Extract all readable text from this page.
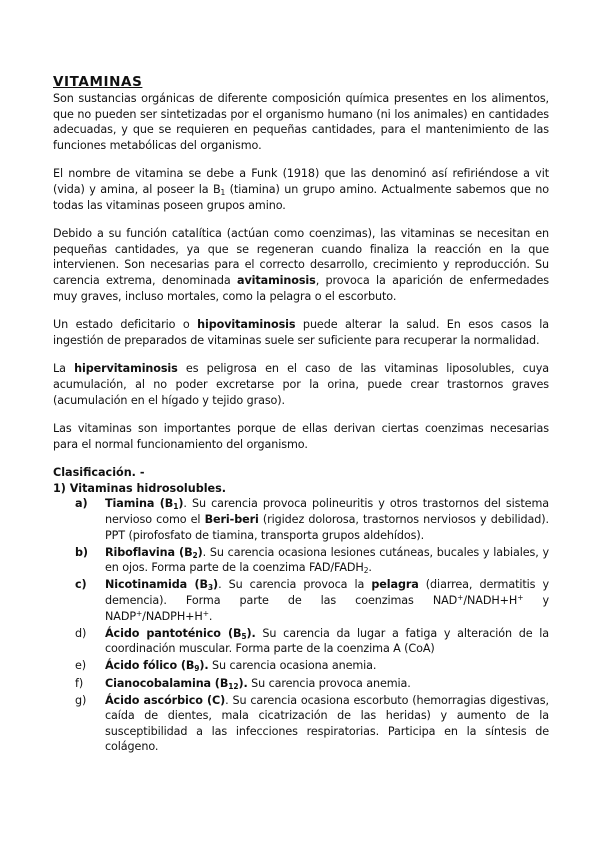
VITAMINAS

Son sustancias orgánicas de diferente composición química presentes en los alimentos, que no pueden ser sintetizadas por el organismo humano (ni los animales) en cantidades adecuadas, y que se requieren en pequeñas cantidades, para el mantenimiento de las funciones metabólicas del organismo.

El nombre de vitamina se debe a Funk (1918) que las denominó así refiriéndose a vit (vida) y amina, al poseer la $B_1$ (tiamina) un grupo amino. Actualmente sabemos que no todas las vitaminas poseen grupos amino.

Debido a su función catalítica (actúan como coenzimas), las vitaminas se necesitan en pequeñas cantidades, ya que se regeneran cuando finaliza la reacción en la que intervienen. Son necesarias para el correcto desarrollo, crecimiento y reproducción. Su carencia extrema, denominada avitaminosis, provoca la aparición de enfermedades muy graves, incluso mortales, como la pelagra o el escorbuto.

Un estado deficitario o hipovitaminosis puede alterar la salud. En esos casos la ingestión de preparados de vitaminas suele ser suficiente para recuperar la normalidad.

La hipervitaminosis es peligrosa en el caso de las vitaminas liposolubles, cuya acumulación, al no poder excretarse por la orina, puede crear trastornos graves (acumulación en el hígado y tejido graso).

Las vitaminas son importantes porque de ellas derivan ciertas coenzimas necesarias para el normal funcionamiento del organismo.

Clasificación. -

1) Vitaminas hidrosolubles.

a) Tiamina $(B_1)$. Su carencia provoca polineuritis y otros trastornos del sistema nervioso como el Beri-beri (rigidez dolorosa, trastornos nerviosos y debilidad). PPT (pirofosfato de tiamina, transporta grupos aldehídos).
b) Riboflavina $(B_2)$. Su carencia ocasiona lesiones cutáneas, bucales y labiales, y en ojos. Forma parte de la coenzima FAD/$FADH_2$.
c) Nicotinamida $(B_3)$. Su carencia provoca la pelagra (diarrea, dermatitis y demencia). Forma parte de las coenzimas NAD+/NADH+H+ y NADP+/NADPH+H+.
d) Ácido pantoténico $(B_5)$. Su carencia da lugar a fatiga y alteración de la coordinación muscular. Forma parte de la coenzima A (CoA)
e) Ácido fólico $(B_9)$. Su carencia ocasiona anemia.
f) Cianocobalamina $(B_{12})$. Su carencia provoca anemia.
g) Ácido ascórbico (C). Su carencia ocasiona escorbuto (hemorragias digestivas, caída de dientes, mala cicatrización de las heridas) y aumento de la susceptibilidad a las infecciones respiratorias. Participa en la síntesis de colágeno.
